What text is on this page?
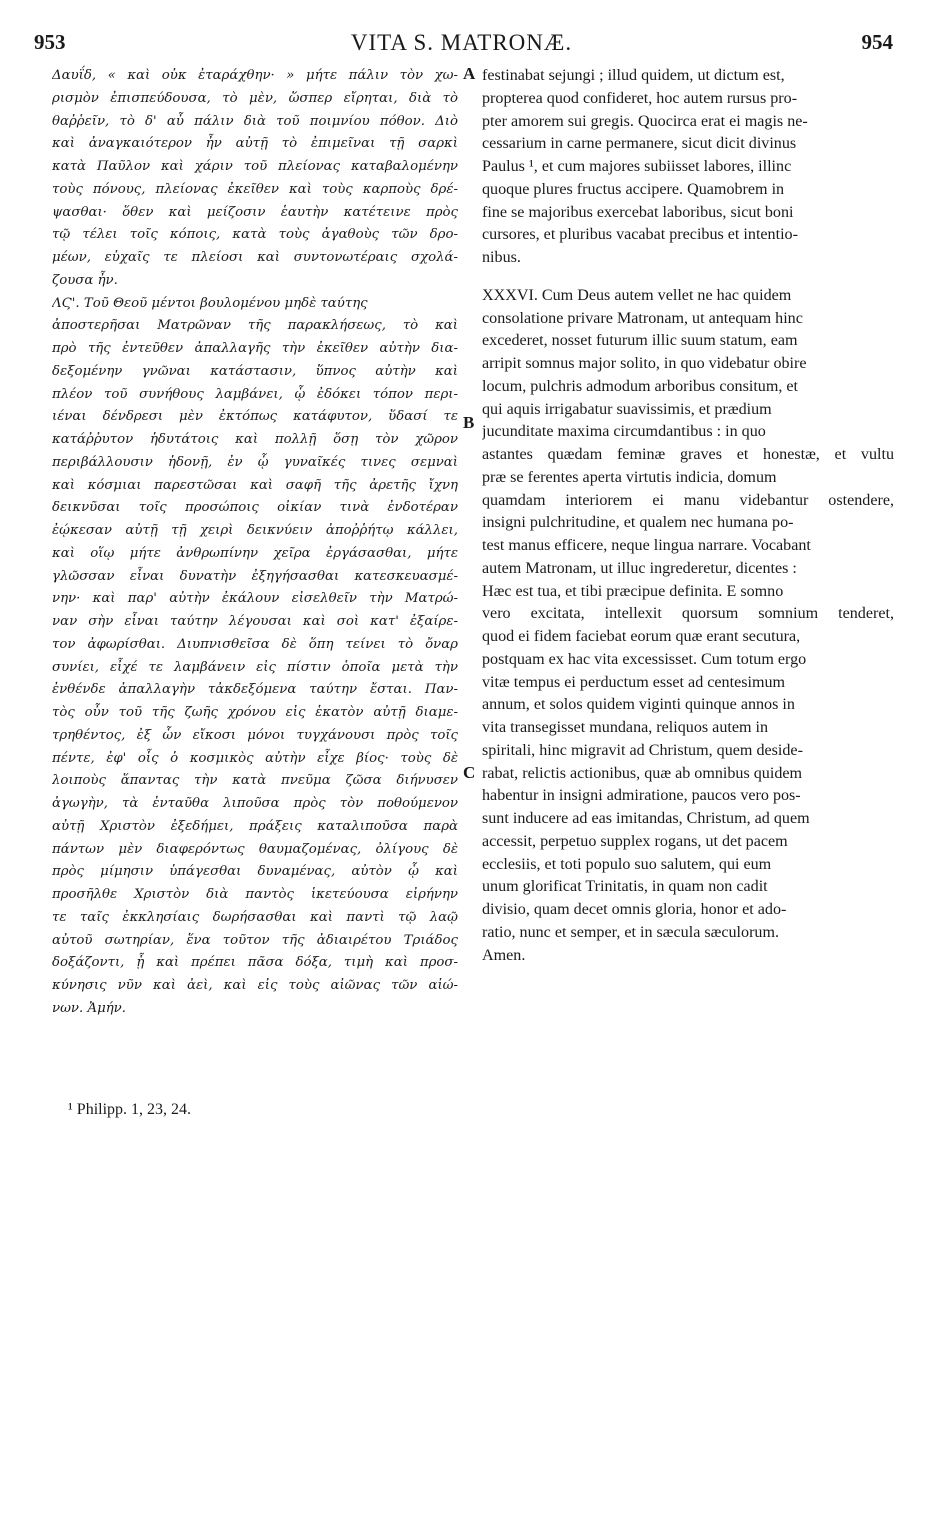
953	VITA S. MATRONÆ.	954
Δαυΐδ, « καὶ οὐκ ἐταράχθην· » μήτε πάλιν τὸν χω-
ρισμὸν ἐπισπεύδουσα, τὸ μὲν, ὥσπερ εἴρηται, διὰ τὸ
θαῤῥεῖν, τὸ δ' αὖ πάλιν διὰ τοῦ ποιμνίου πόθον. Διὸ
καὶ ἀναγκαιότερον ἦν αὐτῇ τὸ ἐπιμεῖναι τῇ σαρκὶ
κατὰ Παῦλον καὶ χάριν τοῦ πλείονας καταβαλομένην
τοὺς πόνους, πλείονας ἐκεῖθεν καὶ τοὺς καρποὺς δρέ-
ψασθαι· ὅθεν καὶ μείζοσιν ἑαυτὴν κατέτεινε πρὸς
τῷ τέλει τοῖς κόποις, κατὰ τοὺς ἀγαθοὺς τῶν δρο-
μέων, εὐχαῖς τε πλείοσι καὶ συντονωτέραις σχολά-
ζουσα ἦν.
ΛϚ'. Τοῦ Θεοῦ μέντοι βουλομένου μηδὲ ταύτης
ἀποστερῆσαι Ματρῶναν τῆς παρακλήσεως, τὸ καὶ
πρὸ τῆς ἐντεῦθεν ἀπαλλαγῆς τὴν ἐκεῖθεν αὐτὴν δια-
δεξομένην γνῶναι κατάστασιν, ὕπνος αὐτὴν καὶ
πλέον τοῦ συνήθους λαμβάνει, ᾧ ἐδόκει τόπον περι-
ιέναι δένδρεσι μὲν ἐκτόπως κατάφυτον, ὕδασί τε
κατάῤῥυτον ἡδυτάτοις καὶ πολλῇ ὅσῃ τὸν χῶρον
περιβάλλουσιν ἡδονῇ, ἐν ᾧ γυναῖκές τινες σεμναὶ
καὶ κόσμιαι παρεστῶσαι καὶ σαφῆ τῆς ἀρετῆς ἴχνη
δεικνῦσαι τοῖς προσώποις οἰκίαν τινὰ ἐνδοτέραν
ἐῴκεσαν αὐτῇ τῇ χειρὶ δεικνύειν ἀποῤῥήτῳ κάλλει,
καὶ οἵῳ μήτε ἀνθρωπίνην χεῖρα ἐργάσασθαι, μήτε
γλῶσσαν εἶναι δυνατὴν ἐξηγήσασθαι κατεσκευασμέ-
νην· καὶ παρ' αὐτὴν ἐκάλουν εἰσελθεῖν τὴν Ματρώ-
ναν σὴν εἶναι ταύτην λέγουσαι καὶ σοὶ κατ' ἐξαίρε-
τον ἀφωρίσθαι. Διυπνισθεῖσα δὲ ὅπη τείνει τὸ ὄναρ
συνίει, εἶχέ τε λαμβάνειν εἰς πίστιν ὁποῖα μετὰ τὴν
ἐνθένδε ἀπαλλαγὴν τἀκδεξόμενα ταύτην ἔσται. Παν-
τὸς οὖν τοῦ τῆς ζωῆς χρόνου εἰς ἑκατὸν αὐτῇ διαμε-
τρηθέντος, ἐξ ὧν εἴκοσι μόνοι τυγχάνουσι πρὸς τοῖς
πέντε, ἐφ' οἷς ὁ κοσμικὸς αὐτὴν εἶχε βίος· τοὺς δὲ
λοιποὺς ἅπαντας τὴν κατὰ πνεῦμα ζῶσα διήνυσεν
ἀγωγὴν, τὰ ἐνταῦθα λιποῦσα πρὸς τὸν ποθούμενον
αὐτῇ Χριστὸν ἐξεδήμει, πράξεις καταλιποῦσα παρὰ
πάντων μὲν διαφερόντως θαυμαζομένας, ὀλίγους δὲ
πρὸς μίμησιν ὑπάγεσθαι δυναμένας, αὐτὸν ᾧ καὶ
προσῆλθε Χριστὸν διὰ παντὸς ἱκετεύουσα εἰρήνην
τε ταῖς ἐκκλησίαις δωρήσασθαι καὶ παντὶ τῷ λαῷ
αὐτοῦ σωτηρίαν, ἕνα τοῦτον τῆς ἀδιαιρέτου Τριάδος
δοξάζοντι, ᾗ καὶ πρέπει πᾶσα δόξα, τιμὴ καὶ προσ-
κύνησις νῦν καὶ ἀεὶ, καὶ εἰς τοὺς αἰῶνας τῶν αἰώ-
νων. Ἀμήν.
A
B
C
festinabat sejungi ; illud quidem, ut dictum est,
propterea quod confideret, hoc autem rursus pro-
pter amorem sui gregis. Quocirca erat ei magis ne-
cessarium in carne permanere, sicut dicit divinus
Paulus ¹, et cum majores subiisset labores, illinc
quoque plures fructus accipere. Quamobrem in
fine se majoribus exercebat laboribus, sicut boni
cursores, et pluribus vacabat precibus et intentio-
nibus.
XXXVI. Cum Deus autem vellet ne hac quidem
consolatione privare Matronam, ut antequam hinc
excederet, nosset futurum illic suum statum, eam
arripit somnus major solito, in quo videbatur obire
locum, pulchris admodum arboribus consitum, et
qui aquis irrigabatur suavissimis, et prædium
jucunditate maxima circumdantibus : in quo
astantes quædam feminæ graves et honestæ, et vultu
præ se ferentes aperta virtutis indicia, domum
quamdam interiorem ei manu videbantur ostendere,
insigni pulchritudine, et qualem nec humana po-
test manus efficere, neque lingua narrare. Vocabant
autem Matronam, ut illuc ingrederetur, dicentes :
Hæc est tua, et tibi præcipue definita. E somno
vero excitata, intellexit quorsum somnium tenderet,
quod ei fidem faciebat eorum quæ erant secutura,
postquam ex hac vita excessisset. Cum totum ergo
vitæ tempus ei perductum esset ad centesimum
annum, et solos quidem viginti quinque annos in
vita transegisset mundana, reliquos autem in
spiritali, hinc migravit ad Christum, quem deside-
rabat, relictis actionibus, quæ ab omnibus quidem
habentur in insigni admiratione, paucos vero pos-
sunt inducere ad eas imitandas, Christum, ad quem
accessit, perpetuo supplex rogans, ut det pacem
ecclesiis, et toti populo suo salutem, qui eum
unum glorificat Trinitatis, in quam non cadit
divisio, quam decet omnis gloria, honor et ado-
ratio, nunc et semper, et in sæcula sæculorum.
Amen.
¹ Philipp. 1, 23, 24.
